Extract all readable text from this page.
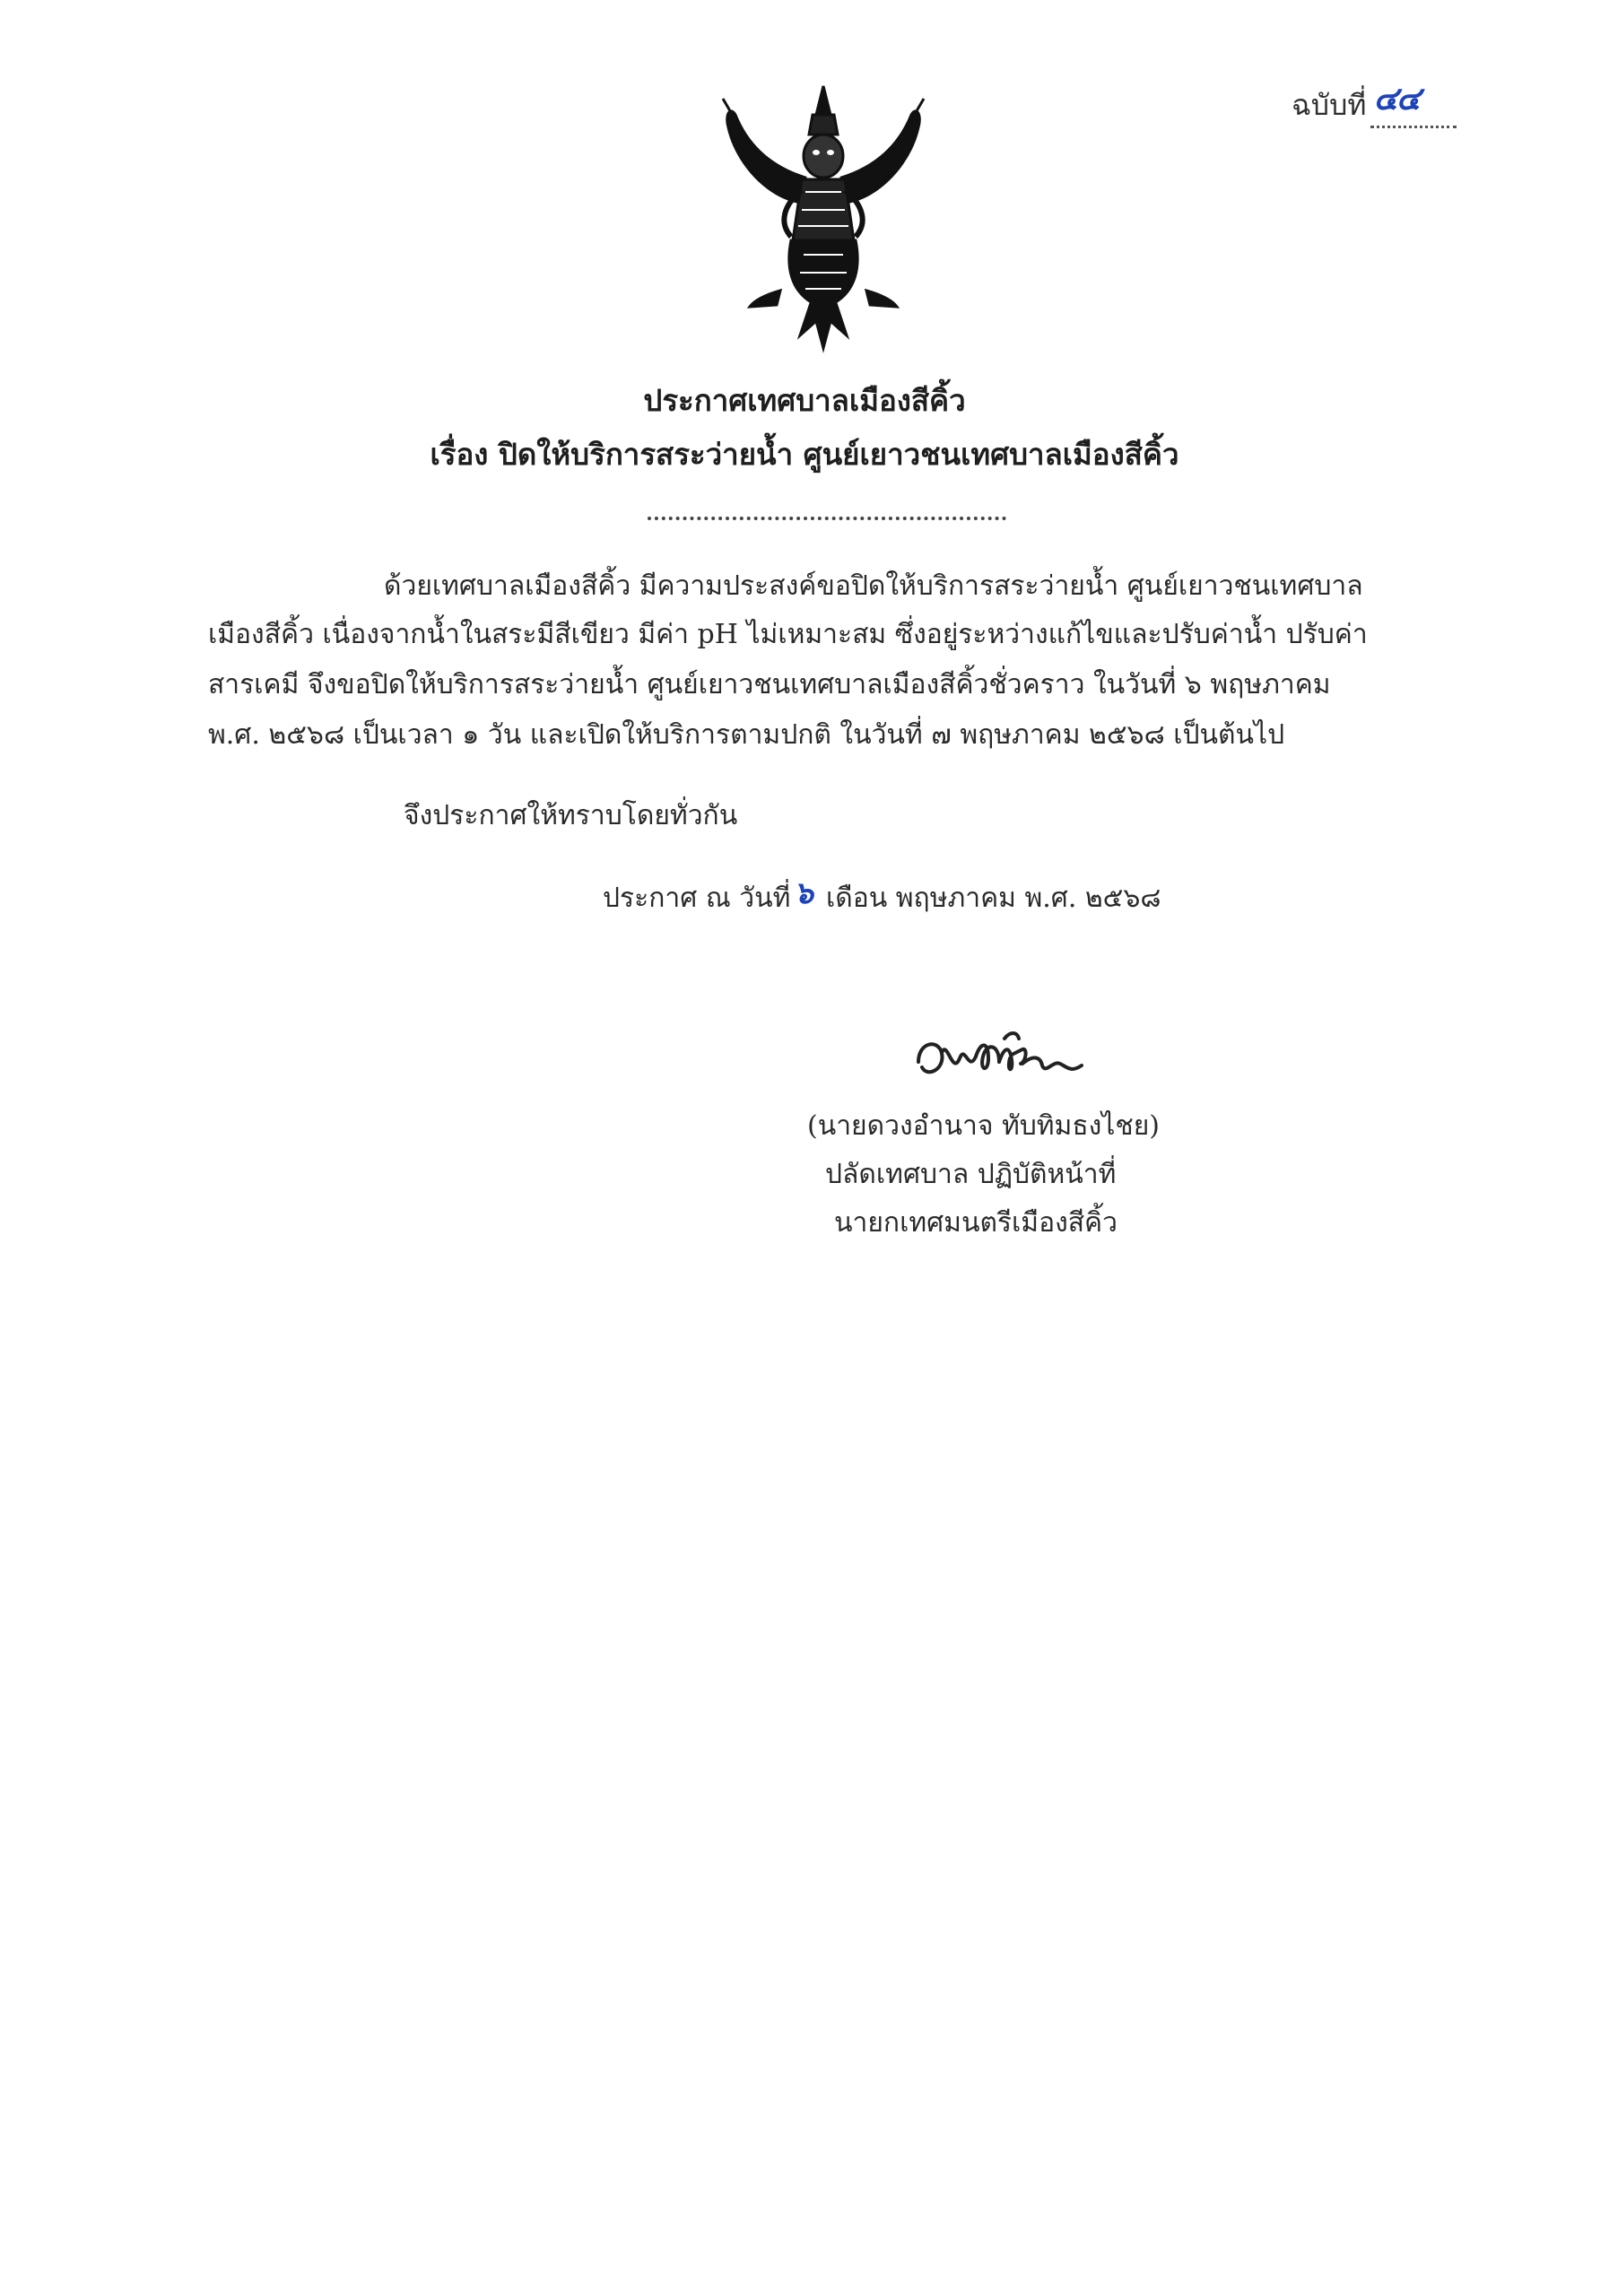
ฉบับที่ ๔๔
ประกาศเทศบาลเมืองสีคิ้ว
เรื่อง ปิดให้บริการสระว่ายน้ำ ศูนย์เยาวชนเทศบาลเมืองสีคิ้ว
ด้วยเทศบาลเมืองสีคิ้ว มีความประสงค์ขอปิดให้บริการสระว่ายน้ำ ศูนย์เยาวชนเทศบาล
เมืองสีคิ้ว เนื่องจากน้ำในสระมีสีเขียว มีค่า pH ไม่เหมาะสม ซึ่งอยู่ระหว่างแก้ไขและปรับค่าน้ำ ปรับค่า
สารเคมี จึงขอปิดให้บริการสระว่ายน้ำ ศูนย์เยาวชนเทศบาลเมืองสีคิ้วชั่วคราว ในวันที่ ๖ พฤษภาคม
พ.ศ. ๒๕๖๘ เป็นเวลา ๑ วัน และเปิดให้บริการตามปกติ ในวันที่ ๗ พฤษภาคม ๒๕๖๘ เป็นต้นไป
จึงประกาศให้ทราบโดยทั่วกัน
ประกาศ ณ วันที่ ๖ เดือน พฤษภาคม พ.ศ. ๒๕๖๘
(นายดวงอำนาจ ทับทิมธงไชย)
ปลัดเทศบาล ปฏิบัติหน้าที่
นายกเทศมนตรีเมืองสีคิ้ว
